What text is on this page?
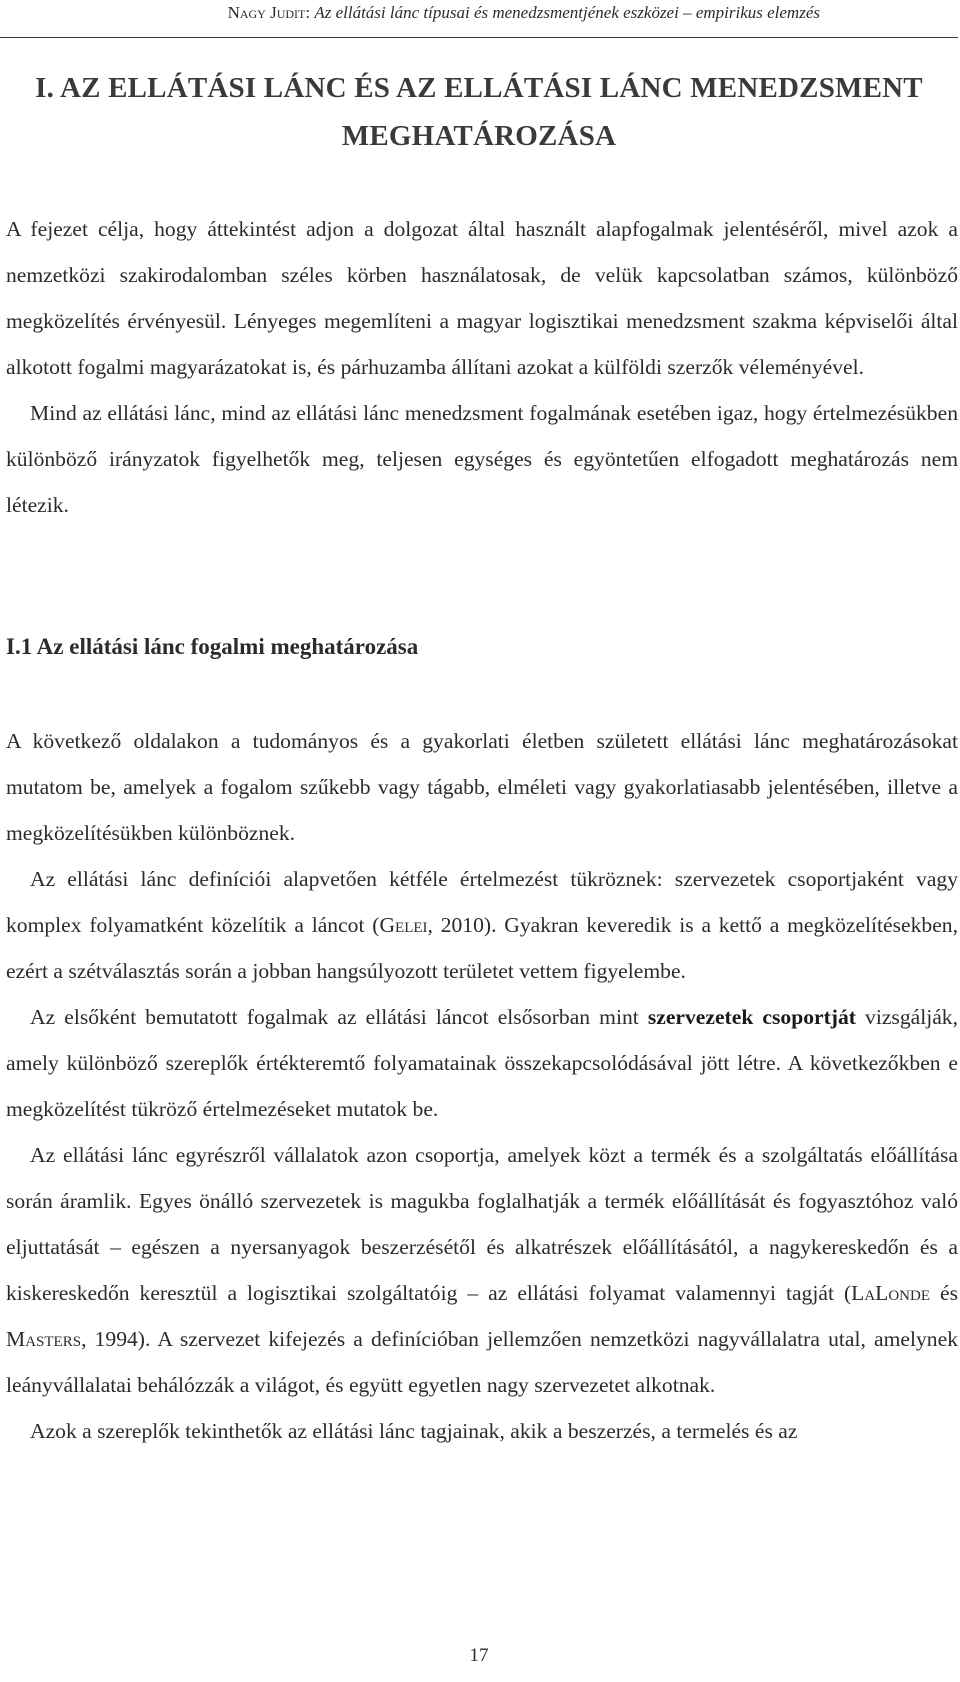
Nagy Judit: Az ellátási lánc típusai és menedzsmentjének eszközei – empirikus elemzés
I. AZ ELLÁTÁSI LÁNC ÉS AZ ELLÁTÁSI LÁNC MENEDZSMENT MEGHATÁROZÁSA

A fejezet célja, hogy áttekintést adjon a dolgozat által használt alapfogalmak jelentéséről, mivel azok a nemzetközi szakirodalomban széles körben használatosak, de velük kapcsolatban számos, különböző megközelítés érvényesül. Lényeges megemlíteni a magyar logisztikai menedzsment szakma képviselői által alkotott fogalmi magyarázatokat is, és párhuzamba állítani azokat a külföldi szerzők véleményével.

Mind az ellátási lánc, mind az ellátási lánc menedzsment fogalmának esetében igaz, hogy értelmezésükben különböző irányzatok figyelhetők meg, teljesen egységes és egyöntetűen elfogadott meghatározás nem létezik.

I.1 Az ellátási lánc fogalmi meghatározása

A következő oldalakon a tudományos és a gyakorlati életben született ellátási lánc meghatározásokat mutatom be, amelyek a fogalom szűkebb vagy tágabb, elméleti vagy gyakorlatiasabb jelentésében, illetve a megközelítésükben különböznek.

Az ellátási lánc definíciói alapvetően kétféle értelmezést tükröznek: szervezetek csoportjaként vagy komplex folyamatként közelítik a láncot (Gelei, 2010). Gyakran keveredik is a kettő a megközelítésekben, ezért a szétválasztás során a jobban hangsúlyozott területet vettem figyelembe.

Az elsőként bemutatott fogalmak az ellátási láncot elsősorban mint szervezetek csoportját vizsgálják, amely különböző szereplők értékteremtő folyamatainak összekapcsolódásával jött létre. A következőkben e megközelítést tükröző értelmezéseket mutatok be.

Az ellátási lánc egyrészről vállalatok azon csoportja, amelyek közt a termék és a szolgáltatás előállítása során áramlik. Egyes önálló szervezetek is magukba foglalhatják a termék előállítását és fogyasztóhoz való eljuttatását – egészen a nyersanyagok beszerzésétől és alkatrészek előállításától, a nagykereskedőn és a kiskereskedőn keresztül a logisztikai szolgáltatóig – az ellátási folyamat valamennyi tagját (LaLonde és Masters, 1994). A szervezet kifejezés a definícióban jellemzően nemzetközi nagyvállalatra utal, amelynek leányvállalatai behálózzák a világot, és együtt egyetlen nagy szervezetet alkotnak.

Azok a szereplők tekinthetők az ellátási lánc tagjainak, akik a beszerzés, a termelés és az

17
